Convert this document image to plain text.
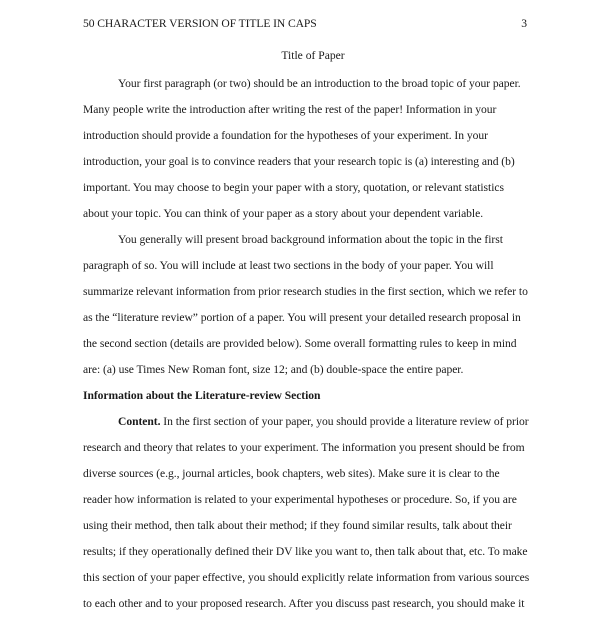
50 CHARACTER VERSION OF TITLE IN CAPS	3
Title of Paper
Your first paragraph (or two) should be an introduction to the broad topic of your paper.
Many people write the introduction after writing the rest of the paper! Information in your
introduction should provide a foundation for the hypotheses of your experiment. In your
introduction, your goal is to convince readers that your research topic is (a) interesting and (b)
important. You may choose to begin your paper with a story, quotation, or relevant statistics
about your topic. You can think of your paper as a story about your dependent variable.
You generally will present broad background information about the topic in the first
paragraph of so. You will include at least two sections in the body of your paper. You will
summarize relevant information from prior research studies in the first section, which we refer to
as the “literature review” portion of a paper. You will present your detailed research proposal in
the second section (details are provided below). Some overall formatting rules to keep in mind
are: (a) use Times New Roman font, size 12; and (b) double-space the entire paper.
Information about the Literature-review Section
Content. In the first section of your paper, you should provide a literature review of prior
research and theory that relates to your experiment. The information you present should be from
diverse sources (e.g., journal articles, book chapters, web sites). Make sure it is clear to the
reader how information is related to your experimental hypotheses or procedure. So, if you are
using their method, then talk about their method; if they found similar results, talk about their
results; if they operationally defined their DV like you want to, then talk about that, etc. To make
this section of your paper effective, you should explicitly relate information from various sources
to each other and to your proposed research. After you discuss past research, you should make it
